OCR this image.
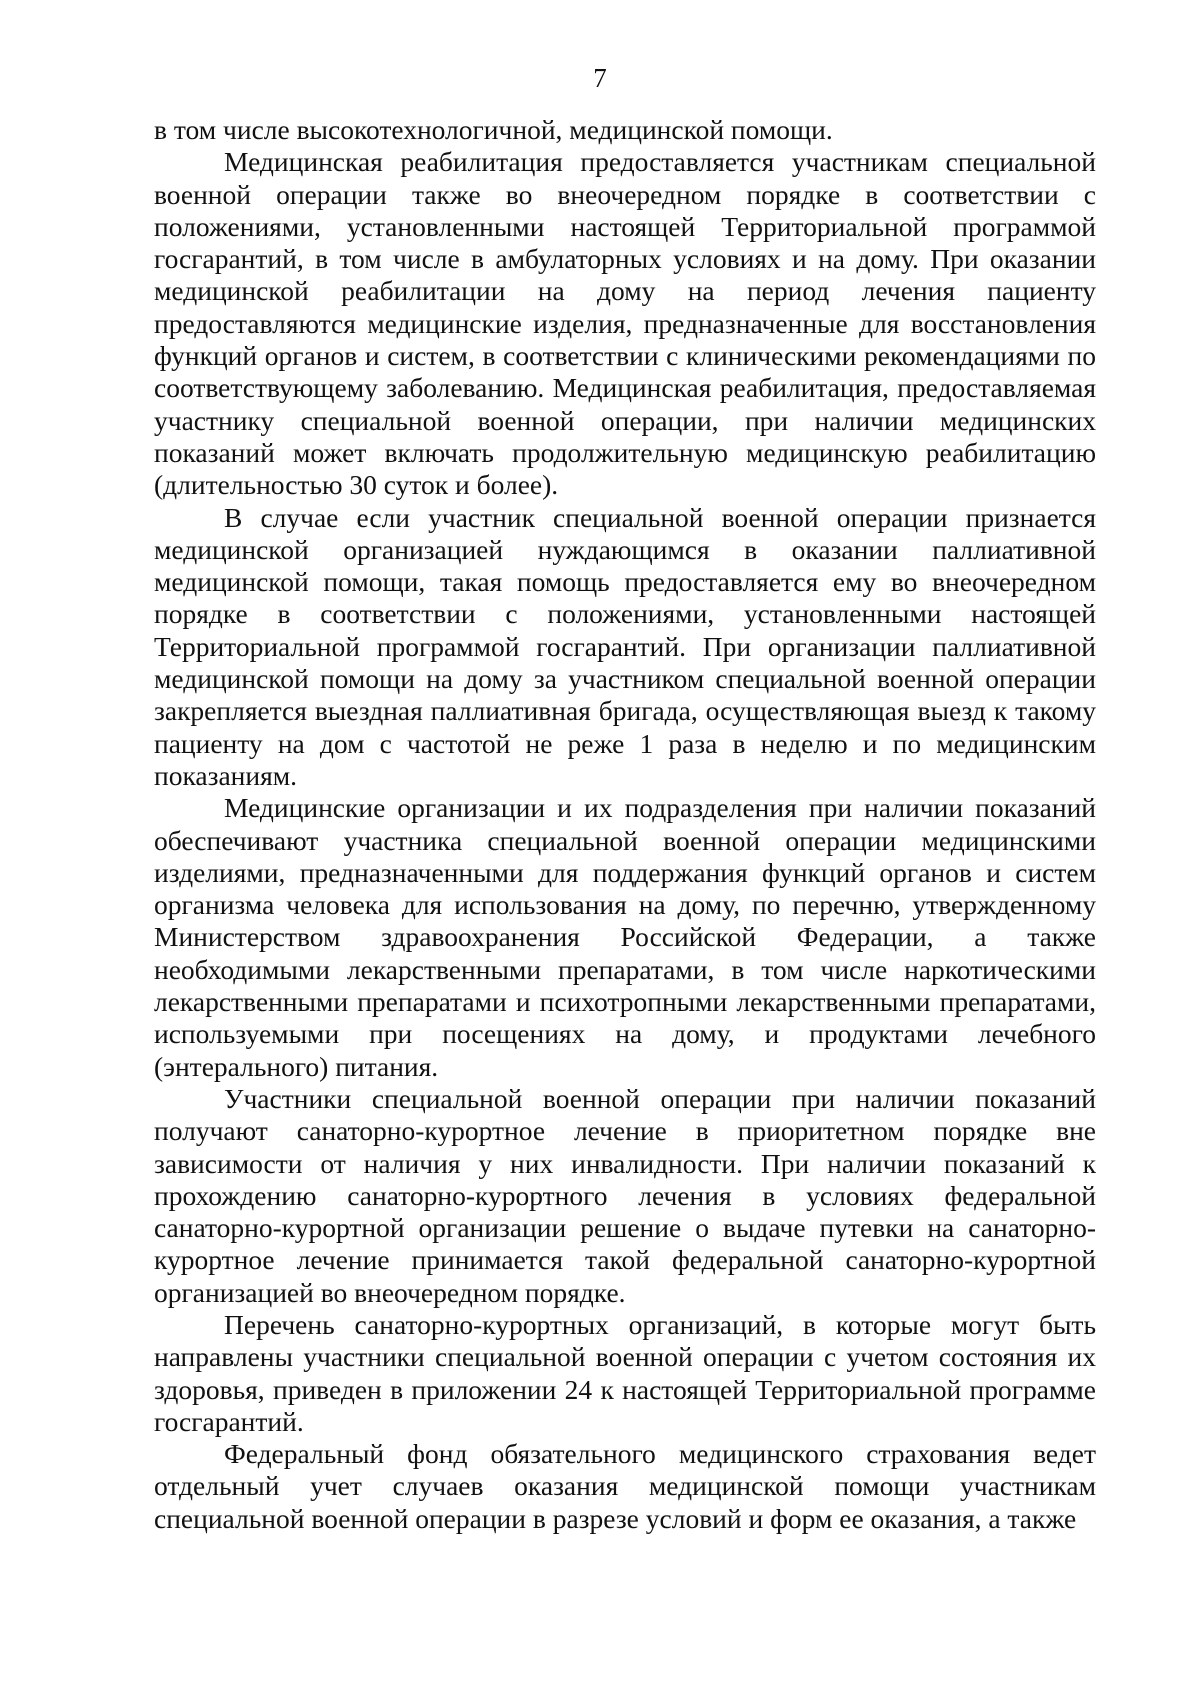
7

в том числе высокотехнологичной, медицинской помощи.

Медицинская реабилитация предоставляется участникам специальной военной операции также во внеочередном порядке в соответствии с положениями, установленными настоящей Территориальной программой госгарантий, в том числе в амбулаторных условиях и на дому. При оказании медицинской реабилитации на дому на период лечения пациенту предоставляются медицинские изделия, предназначенные для восстановления функций органов и систем, в соответствии с клиническими рекомендациями по соответствующему заболеванию. Медицинская реабилитация, предоставляемая участнику специальной военной операции, при наличии медицинских показаний может включать продолжительную медицинскую реабилитацию (длительностью 30 суток и более).

В случае если участник специальной военной операции признается медицинской организацией нуждающимся в оказании паллиативной медицинской помощи, такая помощь предоставляется ему во внеочередном порядке в соответствии с положениями, установленными настоящей Территориальной программой госгарантий. При организации паллиативной медицинской помощи на дому за участником специальной военной операции закрепляется выездная паллиативная бригада, осуществляющая выезд к такому пациенту на дом с частотой не реже 1 раза в неделю и по медицинским показаниям.

Медицинские организации и их подразделения при наличии показаний обеспечивают участника специальной военной операции медицинскими изделиями, предназначенными для поддержания функций органов и систем организма человека для использования на дому, по перечню, утвержденному Министерством здравоохранения Российской Федерации, а также необходимыми лекарственными препаратами, в том числе наркотическими лекарственными препаратами и психотропными лекарственными препаратами, используемыми при посещениях на дому, и продуктами лечебного (энтерального) питания.

Участники специальной военной операции при наличии показаний получают санаторно-курортное лечение в приоритетном порядке вне зависимости от наличия у них инвалидности. При наличии показаний к прохождению санаторно-курортного лечения в условиях федеральной санаторно-курортной организации решение о выдаче путевки на санаторно-курортное лечение принимается такой федеральной санаторно-курортной организацией во внеочередном порядке.

Перечень санаторно-курортных организаций, в которые могут быть направлены участники специальной военной операции с учетом состояния их здоровья, приведен в приложении 24 к настоящей Территориальной программе госгарантий.

Федеральный фонд обязательного медицинского страхования ведет отдельный учет случаев оказания медицинской помощи участникам специальной военной операции в разрезе условий и форм ее оказания, а также
